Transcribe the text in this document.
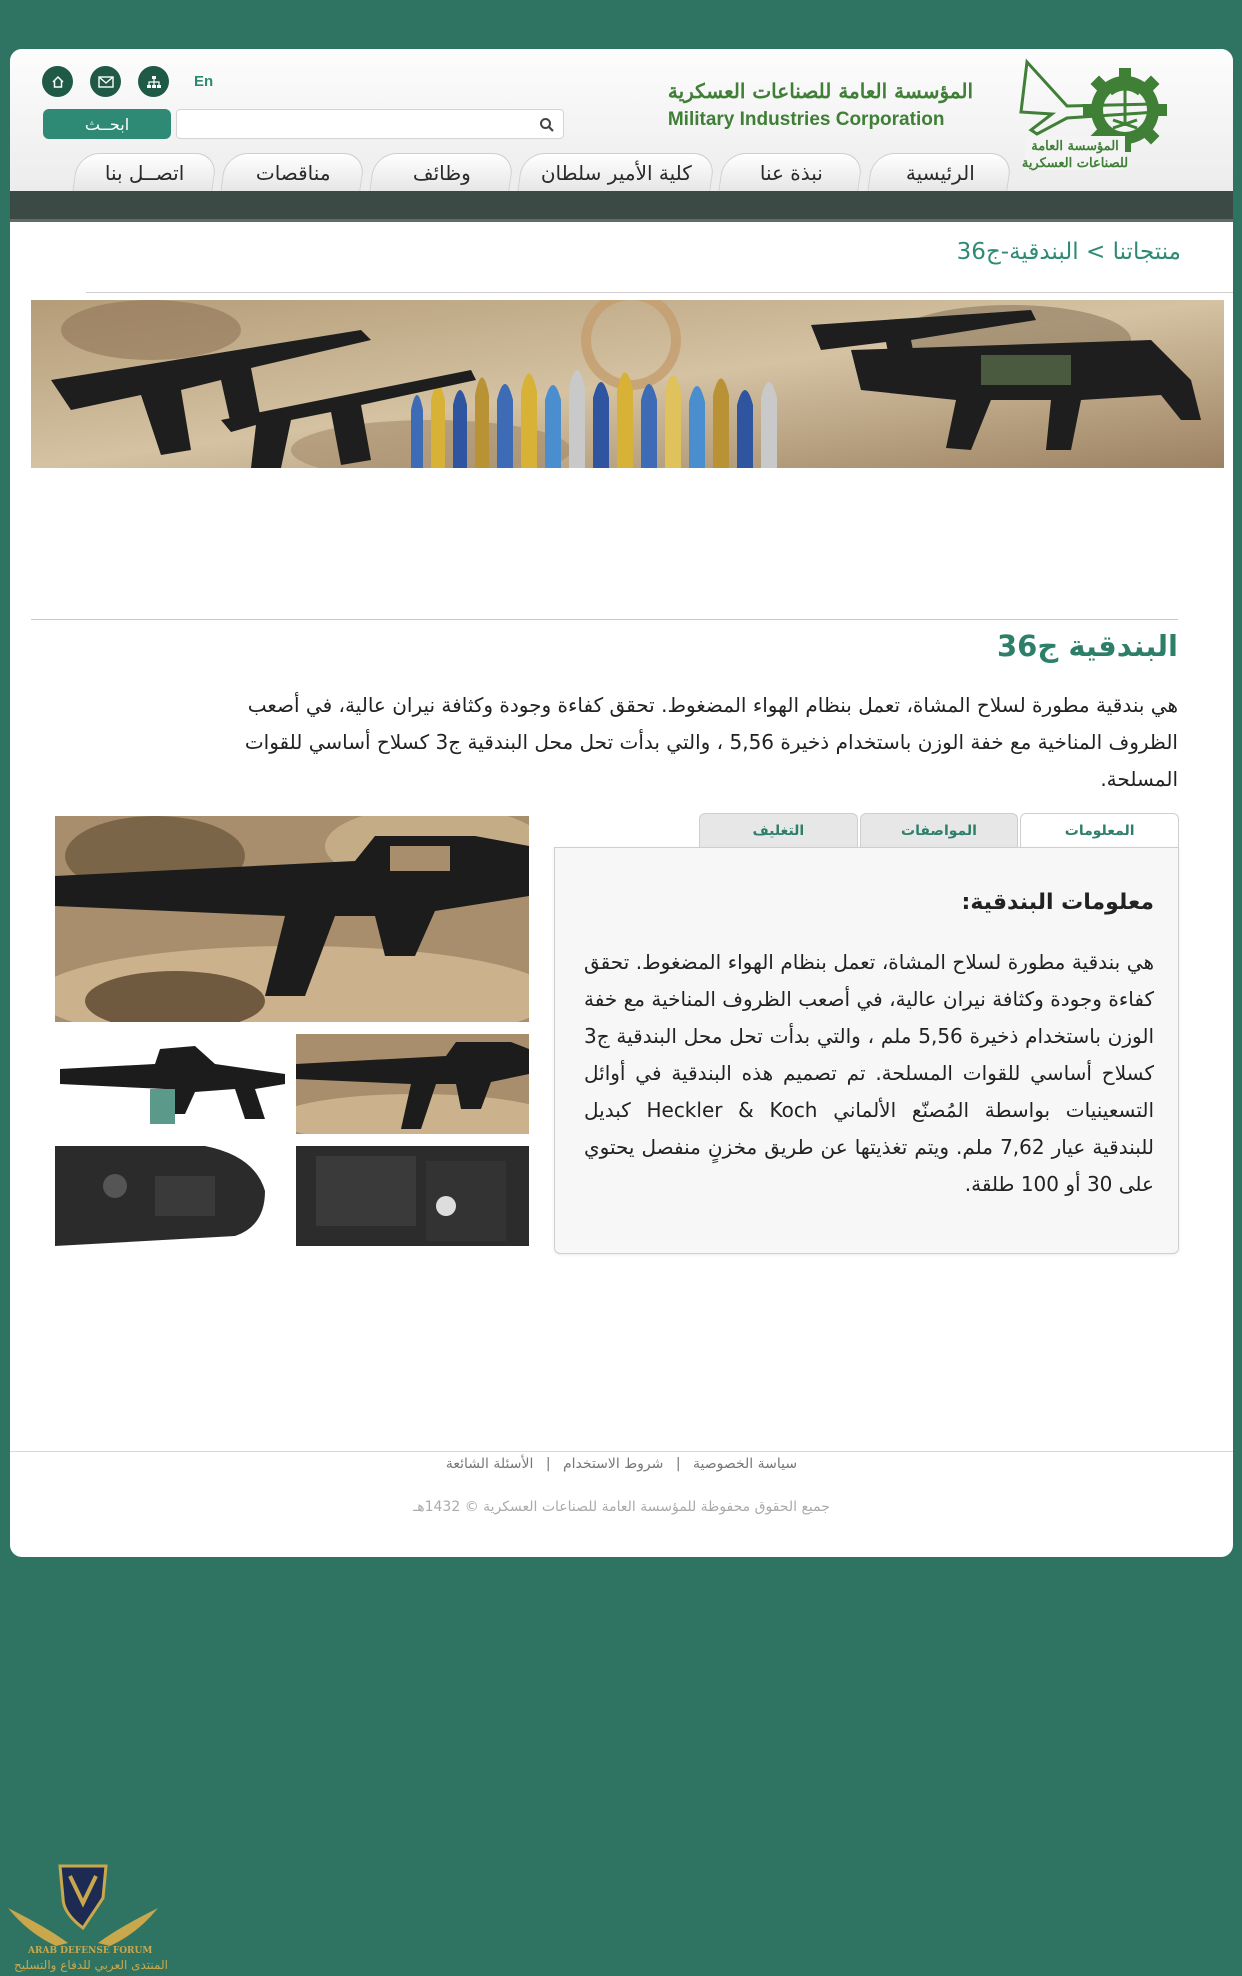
المؤسسة العامة
للصناعات العسكرية
المؤسسة العامة للصناعات العسكرية
Military Industries Corporation
En
ابحــث
الرئيسية
نبذة عنا
كلية الأمير سلطان
وظائف
مناقصات
اتصــل بنا
منتجاتنا > البندقية-ج36
البندقية ج36

هي بندقية مطورة لسلاح المشاة، تعمل بنظام الهواء المضغوط. تحقق كفاءة وجودة وكثافة نيران عالية، في أصعب الظروف المناخية مع خفة الوزن باستخدام ذخيرة 5,56 ، والتي بدأت تحل محل البندقية ج3 كسلاح أساسي للقوات المسلحة.

المعلومات
المواصفات
التغليف
معلومات البندقية:

هي بندقية مطورة لسلاح المشاة، تعمل بنظام الهواء المضغوط. تحقق كفاءة وجودة وكثافة نيران عالية، في أصعب الظروف المناخية مع خفة الوزن باستخدام ذخيرة 5,56 ملم ، والتي بدأت تحل محل البندقية ج3 كسلاح أساسي للقوات المسلحة. تم تصميم هذه البندقية في أوائل التسعينيات بواسطة المُصنّع الألماني Heckler & Koch كبديل للبندقية عيار 7,62 ملم. ويتم تغذيتها عن طريق مخزنٍ منفصل يحتوي على 30 أو 100 طلقة.

سياسة الخصوصية | شروط الاستخدام | الأسئلة الشائعة
جميع الحقوق محفوظة للمؤسسة العامة للصناعات العسكرية © 1432هـ
ARAB DEFENSE FORUM
المنتدى العربي للدفاع والتسليح
